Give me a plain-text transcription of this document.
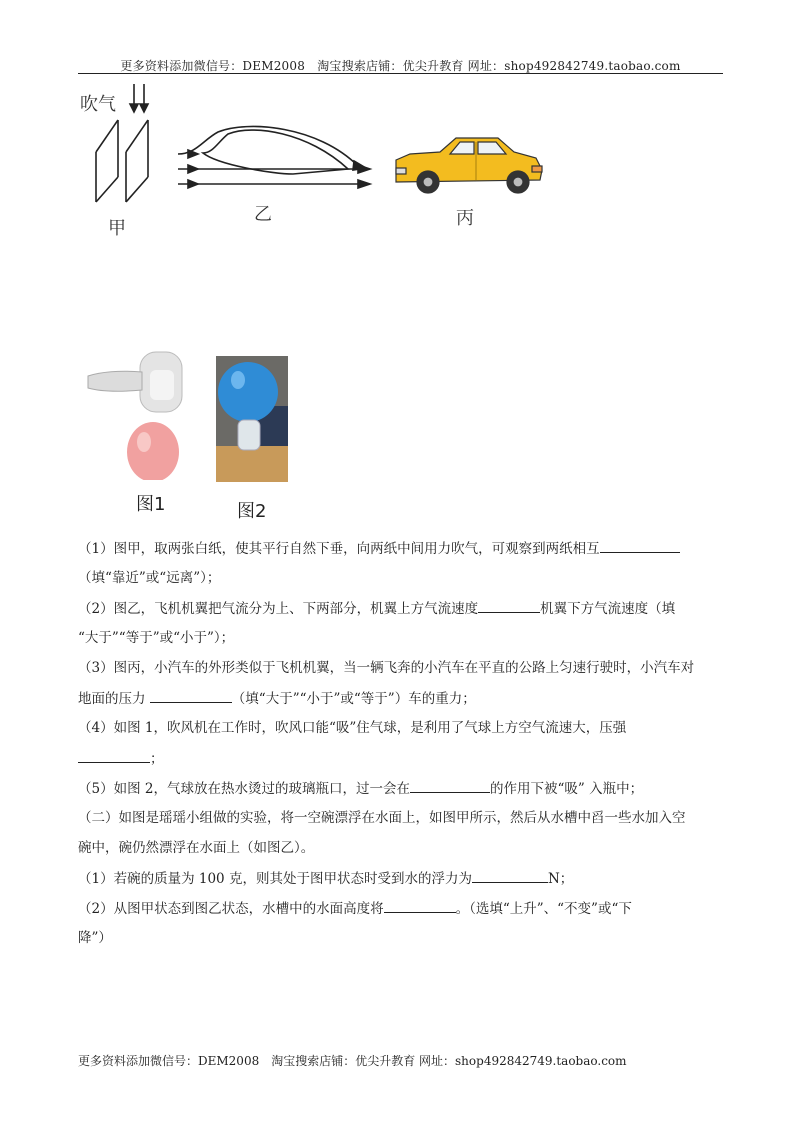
更多资料添加微信号：DEM2008　淘宝搜索店铺：优尖升教育 网址：shop492842749.taobao.com
吹气
甲
乙	丙
图1	图2
（1）图甲，取两张白纸，使其平行自然下垂，向两纸中间用力吹气，可观察到两纸相互
（填“靠近”或“远离”）；
（2）图乙，飞机机翼把气流分为上、下两部分，机翼上方气流速度	机翼下方气流速度（填
“大于”“等于”或“小于”）；
（3）图丙，小汽车的外形类似于飞机机翼，当一辆飞奔的小汽车在平直的公路上匀速行驶时，小汽车对
地面的压力	（填“大于”“小于”或“等于”）车的重力；
（4）如图 1，吹风机在工作时，吹风口能“吸”住气球，是利用了气球上方空气流速大，压强
；
（5）如图 2，气球放在热水烫过的玻璃瓶口，过一会在	的作用下被“吸” 入瓶中；
（二）如图是瑶瑶小组做的实验，将一空碗漂浮在水面上，如图甲所示，然后从水槽中舀一些水加入空
碗中，碗仍然漂浮在水面上（如图乙）。
（1）若碗的质量为 100 克，则其处于图甲状态时受到水的浮力为	N；
（2）从图甲状态到图乙状态，水槽中的水面高度将	。（选填“上升”、“不变”或“下
降”）
更多资料添加微信号：DEM2008　淘宝搜索店铺：优尖升教育 网址：shop492842749.taobao.com
